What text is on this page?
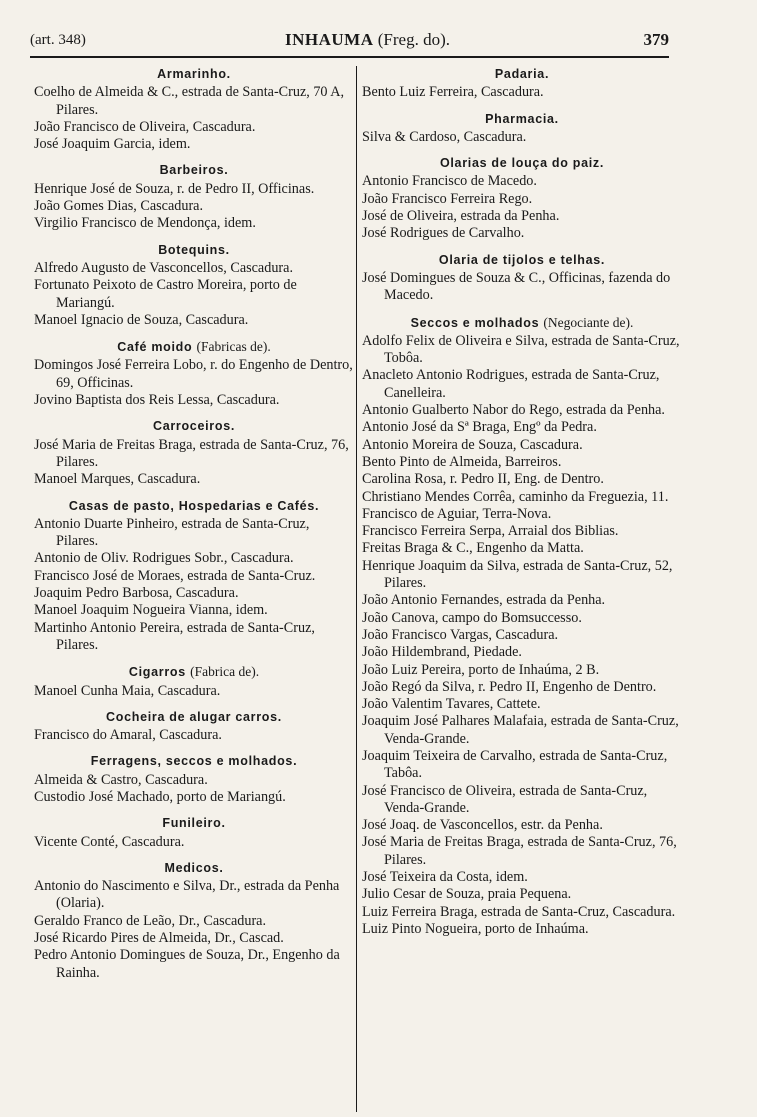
(art. 348)	INHAUMA (Freg. do).	379
Armarinho.
Coelho de Almeida & C., estrada de Santa-Cruz, 70 A, Pilares.
João Francisco de Oliveira, Cascadura.
José Joaquim Garcia, idem.
Barbeiros.
Henrique José de Souza, r. de Pedro II, Officinas.
João Gomes Dias, Cascadura.
Virgilio Francisco de Mendonça, idem.
Botequins.
Alfredo Augusto de Vasconcellos, Cascadura.
Fortunato Peixoto de Castro Moreira, porto de Mariangú.
Manoel Ignacio de Souza, Cascadura.
Café moido (Fabricas de).
Domingos José Ferreira Lobo, r. do Engenho de Dentro, 69, Officinas.
Jovino Baptista dos Reis Lessa, Cascadura.
Carroceiros.
José Maria de Freitas Braga, estrada de Santa-Cruz, 76, Pilares.
Manoel Marques, Cascadura.
Casas de pasto, Hospedarias e Cafés.
Antonio Duarte Pinheiro, estrada de Santa-Cruz, Pilares.
Antonio de Oliv. Rodrigues Sobr., Cascadura.
Francisco José de Moraes, estrada de Santa-Cruz.
Joaquim Pedro Barbosa, Cascadura.
Manoel Joaquim Nogueira Vianna, idem.
Martinho Antonio Pereira, estrada de Santa-Cruz, Pilares.
Cigarros (Fabrica de).
Manoel Cunha Maia, Cascadura.
Cocheira de alugar carros.
Francisco do Amaral, Cascadura.
Ferragens, seccos e molhados.
Almeida & Castro, Cascadura.
Custodio José Machado, porto de Mariangú.
Funileiro.
Vicente Conté, Cascadura.
Medicos.
Antonio do Nascimento e Silva, Dr., estrada da Penha (Olaria).
Geraldo Franco de Leão, Dr., Cascadura.
José Ricardo Pires de Almeida, Dr., Cascad.
Pedro Antonio Domingues de Souza, Dr., Engenho da Rainha.
Padaria.
Bento Luiz Ferreira, Cascadura.
Pharmacia.
Silva & Cardoso, Cascadura.
Olarias de louça do paiz.
Antonio Francisco de Macedo.
João Francisco Ferreira Rego.
José de Oliveira, estrada da Penha.
José Rodrigues de Carvalho.
Olaria de tijolos e telhas.
José Domingues de Souza & C., Officinas, fazenda do Macedo.
Seccos e molhados (Negociante de).
Adolfo Felix de Oliveira e Silva, estrada de Santa-Cruz, Tobôa.
Anacleto Antonio Rodrigues, estrada de Santa-Cruz, Canelleira.
Antonio Gualberto Nabor do Rego, estrada da Penha.
Antonio José da Sª Braga, Engº da Pedra.
Antonio Moreira de Souza, Cascadura.
Bento Pinto de Almeida, Barreiros.
Carolina Rosa, r. Pedro II, Eng. de Dentro.
Christiano Mendes Corrêa, caminho da Freguezia, 11.
Francisco de Aguiar, Terra-Nova.
Francisco Ferreira Serpa, Arraial dos Biblias.
Freitas Braga & C., Engenho da Matta.
Henrique Joaquim da Silva, estrada de Santa-Cruz, 52, Pilares.
João Antonio Fernandes, estrada da Penha.
João Canova, campo do Bomsuccesso.
João Francisco Vargas, Cascadura.
João Hildembrand, Piedade.
João Luiz Pereira, porto de Inhaúma, 2 B.
João Regó da Silva, r. Pedro II, Engenho de Dentro.
João Valentim Tavares, Cattete.
Joaquim José Palhares Malafaia, estrada de Santa-Cruz, Venda-Grande.
Joaquim Teixeira de Carvalho, estrada de Santa-Cruz, Tabôa.
José Francisco de Oliveira, estrada de Santa-Cruz, Venda-Grande.
José Joaq. de Vasconcellos, estr. da Penha.
José Maria de Freitas Braga, estrada de Santa-Cruz, 76, Pilares.
José Teixeira da Costa, idem.
Julio Cesar de Souza, praia Pequena.
Luiz Ferreira Braga, estrada de Santa-Cruz, Cascadura.
Luiz Pinto Nogueira, porto de Inhaúma.
